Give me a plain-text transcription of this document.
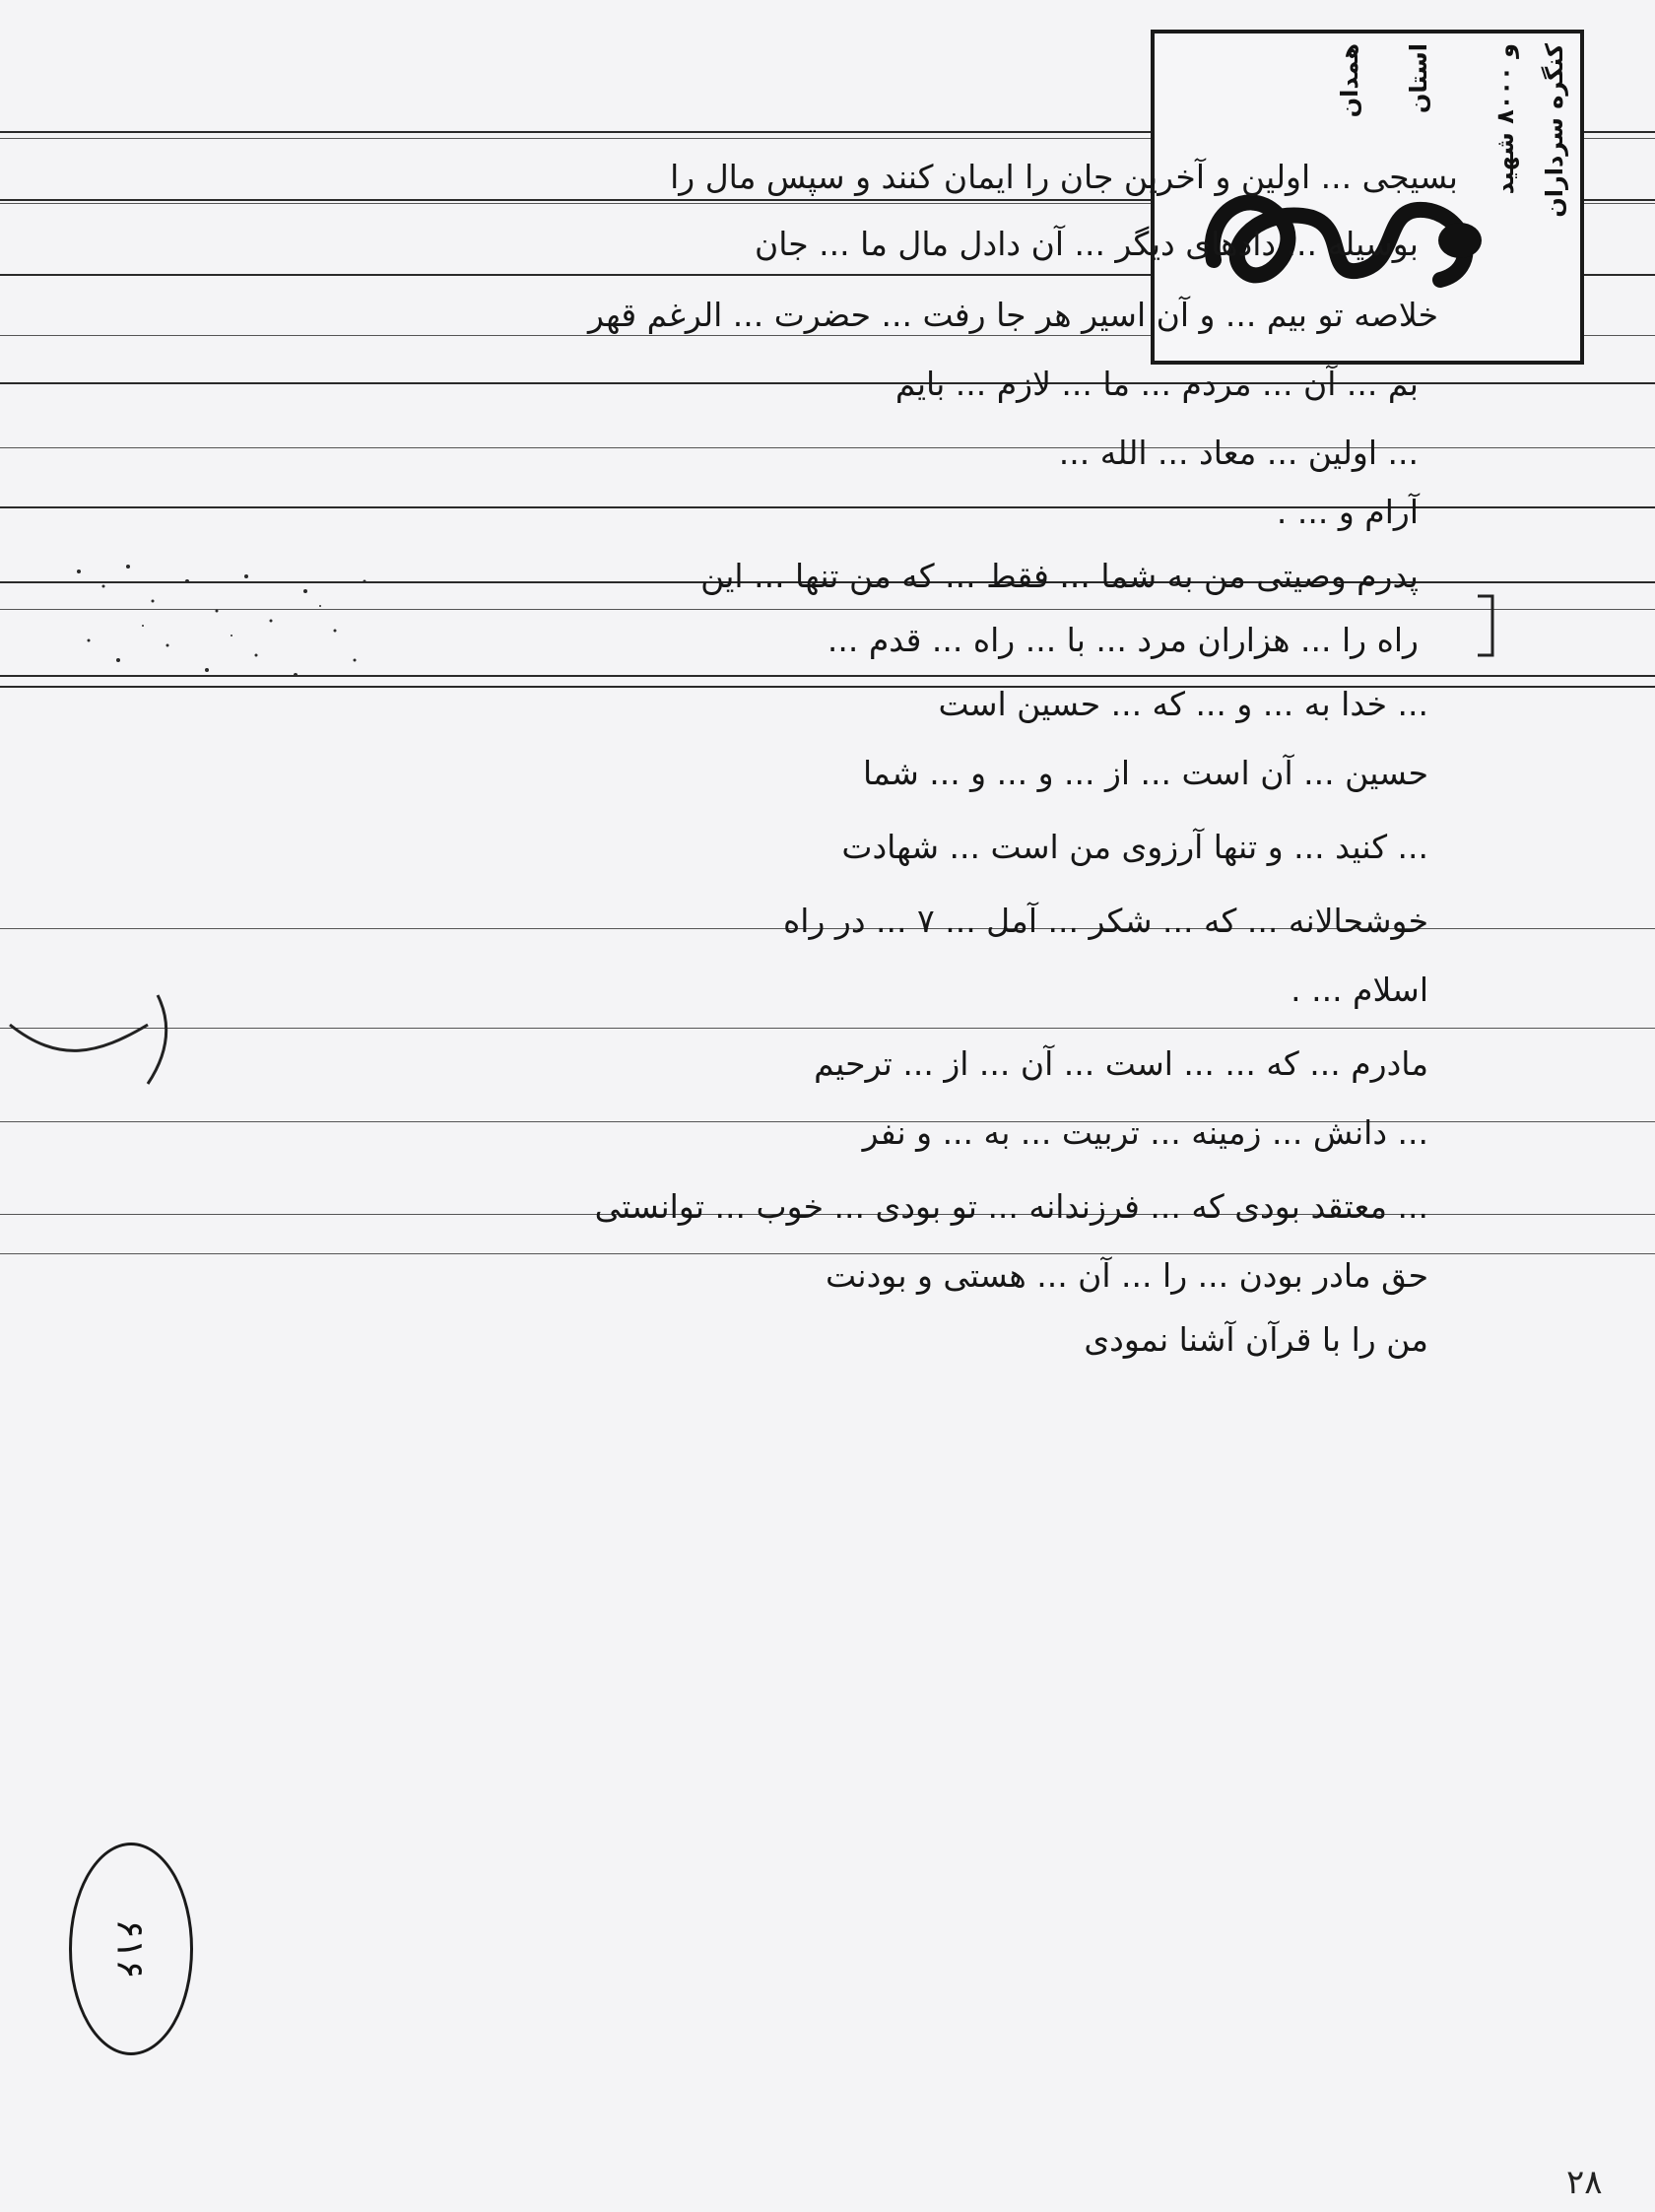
کنگره سرداران
و ۸۰۰۰ شهید
استان
همدان
بسیجی ... اولین و آخرین جان را ایمان کنند و سپس مال را
بوسیله ... دادهای دیگر ... آن دادل مال ما ... جان
خلاصه تو بیم ... و آن اسیر هر جا رفت ... حضرت ... الرغم قهر
بم ... آن ... مردم ... ما ... لازم ... بایم
... اولین ... معاد ... الله ...
آرام و ... .
پدرم وصیتی من به شما ... فقط ... که من تنها ... این
راه را ... هزاران مرد ... با ... راه ... قدم ...
... خدا به ... و ... که ... حسین است
حسین ... آن است ... از ... و ... و ... شما
... کنید ... و تنها آرزوی من است ... شهادت
خوشحالانه ... که ... شکر ... آمل ... ۷ ... در راه
اسلام ... .
مادرم ... که ... ... است ... آن ... از ... ترحیم
... دانش ... زمینه ... تربیت ... به ... و نفر
... معتقد بودی که ... فرزندانه ... تو بودی ... خوب ... توانستی
حق مادر بودن ... را ... آن ... هستی و بودنت
من را با قرآن آشنا نمودی
۶۱۶
۲۸
